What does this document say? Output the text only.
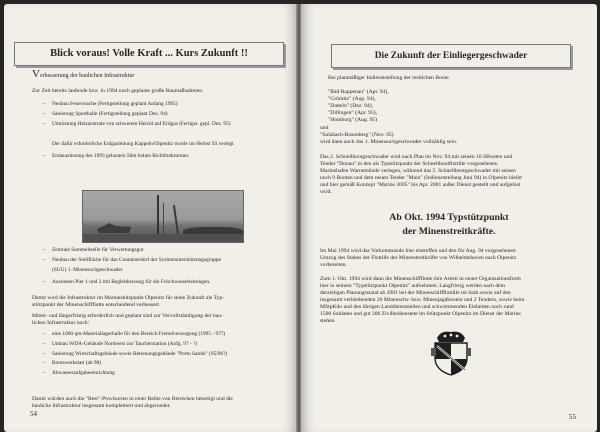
Blick voraus! Volle Kraft ... Kurs Zukunft !!
Verbesserung der baulichen Infrastruktur
Zur Zeit bereits laufende bzw. in 1994 noch geplante große Baumaßnahmen
– Neubau Feuerwache (Fertigstellung geplant Anfang 1995)
– Sanierung Sporthalle (Fertigstellung geplant Dez. 94)
– Umrüstung Heizzentrale von schwerem Heizöl auf Erdgas (Fertigst. gepl. Dez. 95)
Der dafür erforderliche Erdgasleitung Kappeln/Olpenitz wurde im Herbst 93 verlegt
– Endausrüstung des 1993 gebauten 50m hohen Richtfunkturmes
– Zentrale Sammelstelle für Verwertungsgut
– Neubau der Stellfläche für das Containerdorf der Systemunterstützungsgruppe
(SUG) 1. Minensuchgeschwader
– Ausrüsten Pier 1 und 2 mit Begleitheizung für die Frischwasserleitungen.
Damit wird die Infrastruktur im Marinestützpunkt Olpenitz für seine Zukunft als Typ-
stützpunkt der Minenschiffflotte entscheidend verbessert.
Mittel- und längerfristig erforderlich und geplant sind zur Vervollständigung der bau-
lichen Infrastruktur noch:
– eine 1000 qm-Materiallagerhalle für den Bereich Fremdversorgung (1995 - 97?)
– Umbau WDA-Gebäude Nordwest zur Taucherstation (Anfg. 97 - ?)
– Sanierung Wirtschaftsgebäude sowie Betreuungsgebäude "Porto Sando" (95/96?)
– Bootswerkstatt (ab 98)
– Abwasseraufgabeeinrichtung
Damit würden auch die "Rest"-Provisorien in einer Reihe von Bereichen beseitigt und die
bauliche Infrastruktur insgesamt komplettiert und abgerundet.
54
Die Zukunft der Einliegergeschwader
Bei planmäßiger Indienststellung der restlichen Boote
"Bad Rappenau" (Apr. 94),
"Grömitz" (Aug. 94),
"Datteln" (Dez. 94),
"Dillingen" (Apr. 95),
"Homburg" (Aug. 95)
und
"Sulzbach-Rosenberg" (Nov. 95)
wird dann auch das 1. Minensuchgeschwader vollzählig sein.
Das 2. Schnellbootgeschwader wird nach Plan im Nov. 94 mit seinen 10 SBooten und
Tender "Donau" in den als Typstützpunkt der Schnellbootflottille vorgesehenen
Marinehafen Warnemünde verlegen, während das 5. Schnellbootgeschwader mit seinen
noch 9 Booten und dem neuen Tender "Main" (Indienststellung Juni 94) in Olpenitz bleibt
und hier gemäß Konzept "Marine 2005" bis Apr. 2001 außer Dienst gestellt und aufgelöst
wird.
Ab Okt. 1994 Typstützpunkt
der Minenstreitkräfte.
Im Mai 1994 wird das Vorkommando hier eintreffen und den für Aug. 94 vorgesehenen
Umzug des Stabes der Flottille der Minenstreitkräfte von Wilhelmshaven nach Olpenitz
vorbereiten.
Zum 1. Okt. 1994 wird dann die Minenschiffflotte ihre Arbeit in neuer Organisationsform
hier in seinem "Typstützpunkt Olpenitz" aufnehmen. Langfristig werden nach dem
derzeitigen Planungsstand ab 2001 bei der Minenschiffflottille im Stab sowie auf den
insgesamt verbleibenden 20 Minenschs- bzw. Minenjagdbooten und 2 Tendern, sowie beim
MStpKdo und den übrigen Landdienststellen und schwimmenden Einheiten noch rund
1500 Soldaten und gut 300 Zivilbedienstete im Stützpunkt Olpenitz im Dienst der Marine
stehen.
55
